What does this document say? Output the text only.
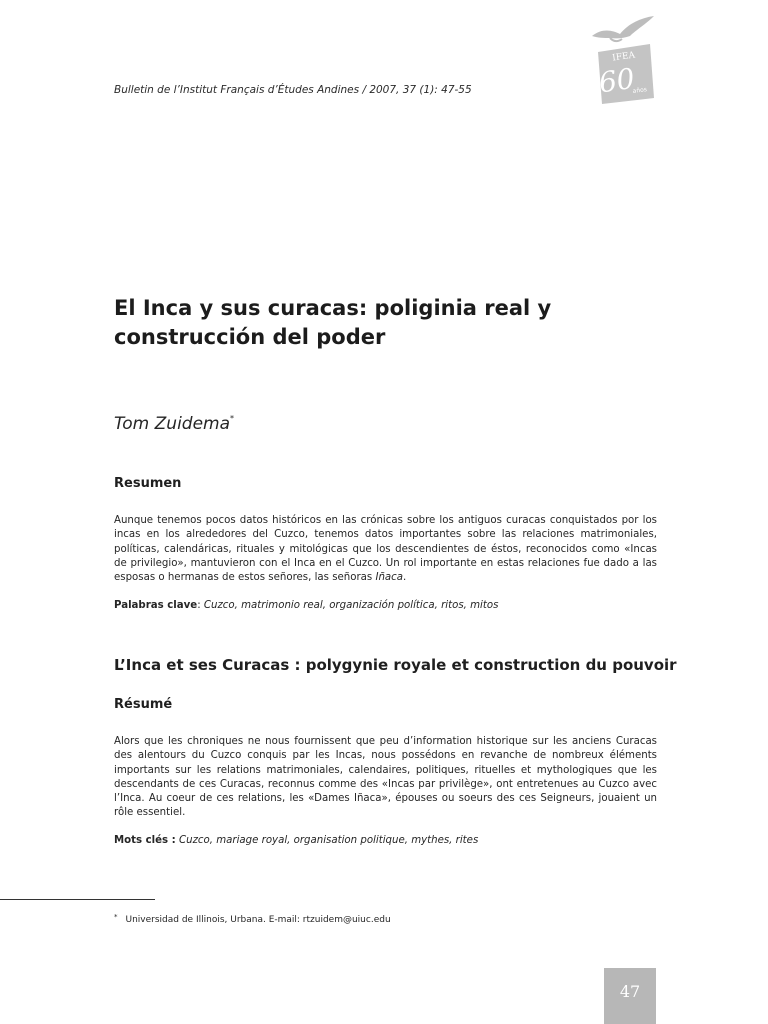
IFEA
60
años
Bulletin de l’Institut Français d’Études Andines / 2007, 37 (1): 47-55
El Inca y sus curacas: poliginia real y construcción del poder
Tom Zuidema*
Resumen

Aunque tenemos pocos datos históricos en las crónicas sobre los antiguos curacas conquistados por los incas en los alrededores del Cuzco, tenemos datos importantes sobre las relaciones matrimoniales, políticas, calendáricas, rituales y mitológicas que los descendientes de éstos, reconocidos como «Incas de privilegio», mantuvieron con el Inca en el Cuzco. Un rol importante en estas relaciones fue dado a las esposas o hermanas de estos señores, las señoras Iñaca.

Palabras clave: Cuzco, matrimonio real, organización política, ritos, mitos
L’Inca et ses Curacas : polygynie royale et construction du pouvoir
Résumé

Alors que les chroniques ne nous fournissent que peu d’information historique sur les anciens Curacas des alentours du Cuzco conquis par les Incas, nous possédons en revanche de nombreux éléments importants sur les relations matrimoniales, calendaires, politiques, rituelles et mythologiques que les descendants de ces Curacas, reconnus comme des «Incas par privilège», ont entretenues au Cuzco avec l’Inca. Au coeur de ces relations, les «Dames Iñaca», épouses ou soeurs des ces Seigneurs, jouaient un rôle essentiel.

Mots clés : Cuzco, mariage royal, organisation politique, mythes, rites
* Universidad de Illinois, Urbana. E-mail: rtzuidem@uiuc.edu
47
